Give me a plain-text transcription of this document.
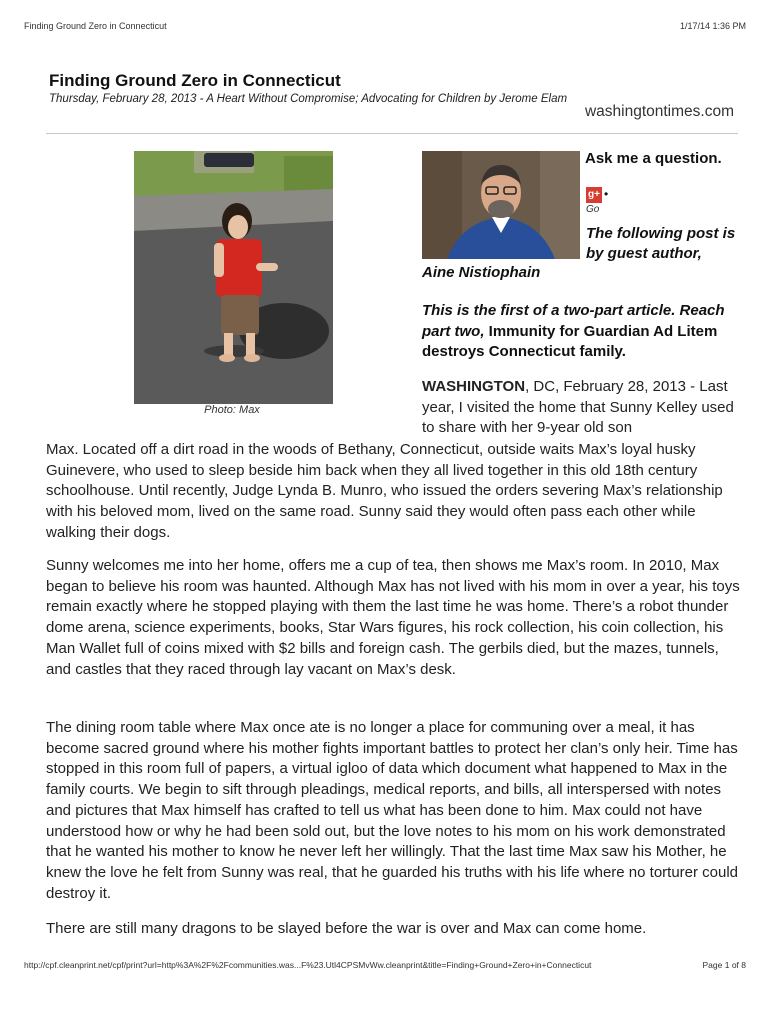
Finding Ground Zero in Connecticut	1/17/14 1:36 PM
Finding Ground Zero in Connecticut
Thursday, February 28, 2013 - A Heart Without Compromise; Advocating for Children by Jerome Elam
washingtontimes.com
Photo: Max
Ask me a question.
g+ •
Go
The following post is by guest author,
Aine Nistiophain
This is the first of a two-part article. Reach part two, Immunity for Guardian Ad Litem destroys Connecticut family.

WASHINGTON, DC, February 28, 2013 - Last year, I visited the home that Sunny Kelley used to share with her 9-year old son

Max. Located off a dirt road in the woods of Bethany, Connecticut, outside waits Max’s loyal husky Guinevere, who used to sleep beside him back when they all lived together in this old 18th century schoolhouse. Until recently, Judge Lynda B. Munro, who issued the orders severing Max’s relationship with his beloved mom, lived on the same road. Sunny said they would often pass each other while walking their dogs.

Sunny welcomes me into her home, offers me a cup of tea, then shows me Max’s room. In 2010, Max began to believe his room was haunted. Although Max has not lived with his mom in over a year, his toys remain exactly where he stopped playing with them the last time he was home. There’s a robot thunder dome arena, science experiments, books, Star Wars figures, his rock collection, his coin collection, his Man Wallet full of coins mixed with $2 bills and foreign cash. The gerbils died, but the mazes, tunnels, and castles that they raced through lay vacant on Max’s desk.

The dining room table where Max once ate is no longer a place for communing over a meal, it has become sacred ground where his mother fights important battles to protect her clan’s only heir. Time has stopped in this room full of papers, a virtual igloo of data which document what happened to Max in the family courts. We begin to sift through pleadings, medical reports, and bills, all interspersed with notes and pictures that Max himself has crafted to tell us what has been done to him. Max could not have understood how or why he had been sold out, but the love notes to his mom on his work demonstrated that he wanted his mother to know he never left her willingly. That the last time Max saw his Mother, he knew the love he felt from Sunny was real, that he guarded his truths with his life where no torturer could destroy it.

There are still many dragons to be slayed before the war is over and Max can come home.

http://cpf.cleanprint.net/cpf/print?url=http%3A%2F%2Fcommunities.was...F%23.Utl4CPSMvWw.cleanprint&title=Finding+Ground+Zero+in+Connecticut	Page 1 of 8
